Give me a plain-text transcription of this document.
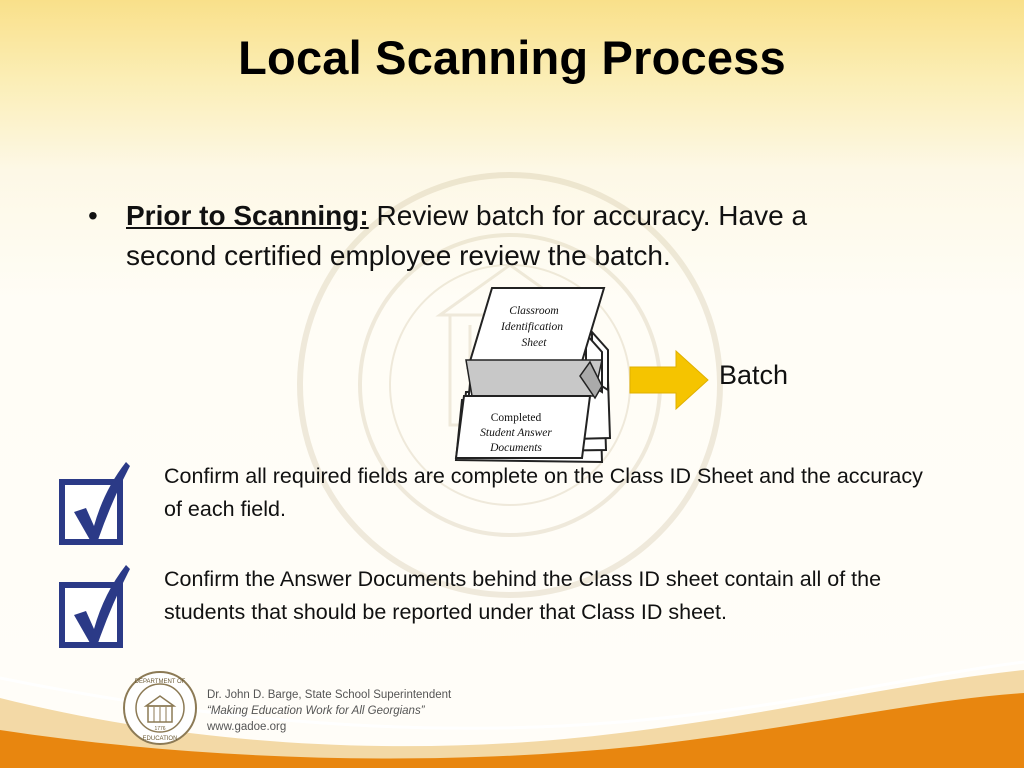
Local Scanning Process
• Prior to Scanning: Review batch for accuracy. Have a second certified employee review the batch.
Classroom
Identification
Sheet
Completed
Student Answer
Documents
Batch
Confirm all required fields are complete on the Class ID Sheet and the accuracy of each field.
Confirm the Answer Documents behind the Class ID sheet contain all of the students that should be reported under that Class ID sheet.
DEPARTMENT OF
1776
EDUCATION
Dr. John D. Barge, State School Superintendent
“Making Education Work for All Georgians”
www.gadoe.org
